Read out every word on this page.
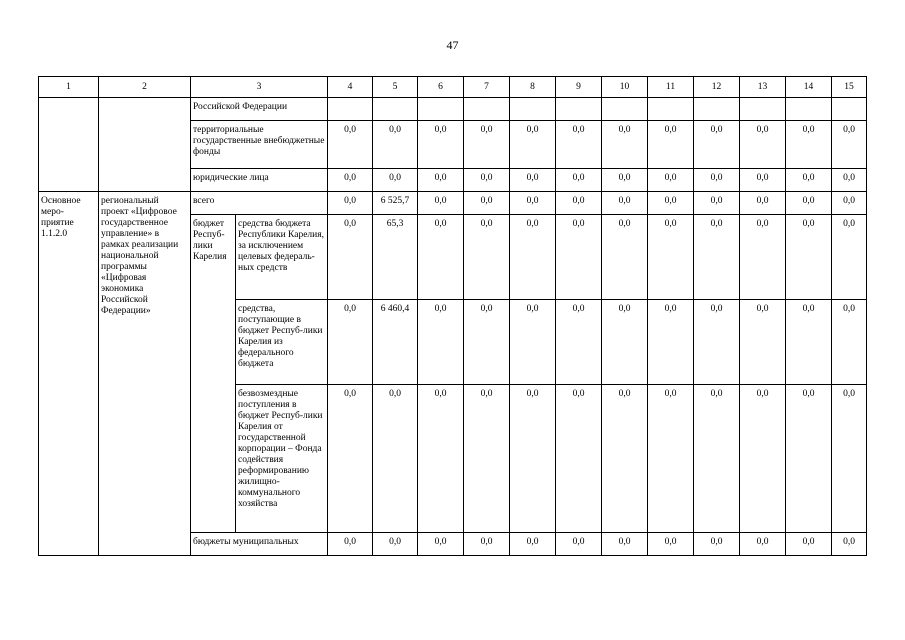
47
1	2	3		4	5	6	7	8	9	10	11	12	13	14	15
		Российской Федерации													
		территориальные государственные внебюджетные фонды		0,0	0,0	0,0	0,0	0,0	0,0	0,0	0,0	0,0	0,0	0,0	0,0
		юридические лица		0,0	0,0	0,0	0,0	0,0	0,0	0,0	0,0	0,0	0,0	0,0	0,0
Основное меро-приятие 1.1.2.0	региональный проект «Цифровое государственное управление» в рамках реализации национальной программы «Цифровая экономика Российской Федерации»	всего		0,0	6 525,7	0,0	0,0	0,0	0,0	0,0	0,0	0,0	0,0	0,0	0,0
		бюджет Респуб-лики Карелия	средства бюджета Республики Карелия, за исключением целевых федераль-ных средств	0,0	65,3	0,0	0,0	0,0	0,0	0,0	0,0	0,0	0,0	0,0	0,0
			средства, поступающие в бюджет Респуб-лики Карелия из федерального бюджета	0,0	6 460,4	0,0	0,0	0,0	0,0	0,0	0,0	0,0	0,0	0,0	0,0
			безвозмездные поступления в бюджет Респуб-лики Карелия от государственной корпорации – Фонда содействия реформированию жилищно-коммунального хозяйства	0,0	0,0	0,0	0,0	0,0	0,0	0,0	0,0	0,0	0,0	0,0	0,0
		бюджеты муниципальных		0,0	0,0	0,0	0,0	0,0	0,0	0,0	0,0	0,0	0,0	0,0	0,0
